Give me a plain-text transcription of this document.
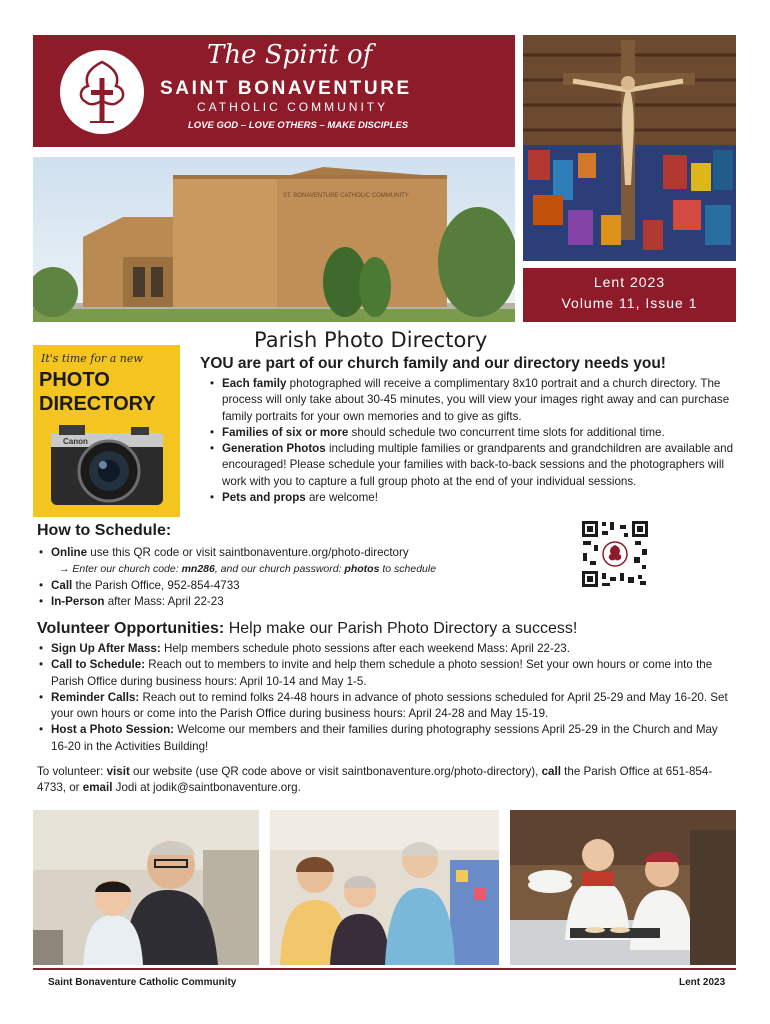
The Spirit of
SAINT BONAVENTURE
CATHOLIC COMMUNITY
LOVE GOD – LOVE OTHERS – MAKE DISCIPLES
ST. BONAVENTURE CATHOLIC COMMUNITY
Lent 2023
Volume 11, Issue 1
Canon
It's time for a new
PHOTO
DIRECTORY
Parish Photo Directory
YOU are part of our church family and our directory needs you!
• Each family photographed will receive a complimentary 8x10 portrait and a church directory. The process will only take about 30-45 minutes, you will view your images right away and can purchase family portraits for your own memories and to give as gifts.
• Families of six or more should schedule two concurrent time slots for additional time.
• Generation Photos including multiple families or grandparents and grandchildren are available and encouraged! Please schedule your families with back-to-back sessions and the photographers will work with you to capture a full group photo at the end of your individual sessions.
• Pets and props are welcome!
How to Schedule:
• Online use this QR code or visit saintbonaventure.org/photo-directory
→ Enter our church code: mn286, and our church password: photos to schedule
• Call the Parish Office, 952-854-4733
• In-Person after Mass: April 22-23
Volunteer Opportunities: Help make our Parish Photo Directory a success!
• Sign Up After Mass: Help members schedule photo sessions after each weekend Mass: April 22-23.
• Call to Schedule: Reach out to members to invite and help them schedule a photo session! Set your own hours or come into the Parish Office during business hours: April 10-14 and May 1-5.
• Reminder Calls: Reach out to remind folks 24-48 hours in advance of photo sessions scheduled for April 25-29 and May 16-20. Set your own hours or come into the Parish Office during business hours: April 24-28 and May 15-19.
• Host a Photo Session: Welcome our members and their families during photography sessions April 25-29 in the Church and May 16-20 in the Activities Building!
To volunteer: visit our website (use QR code above or visit saintbonaventure.org/photo-directory), call the Parish Office at 651-854-4733, or email Jodi at jodik@saintbonaventure.org.
Saint Bonaventure Catholic Community	Lent 2023
